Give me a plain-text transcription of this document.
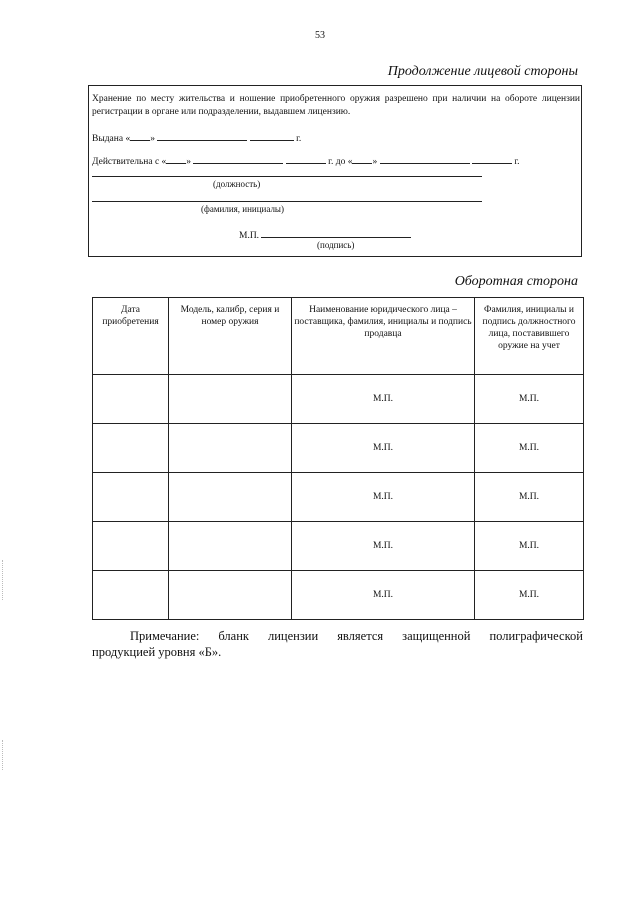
53
Продолжение лицевой стороны
Хранение по месту жительства и ношение приобретенного оружия разрешено при наличии на обороте лицензии регистрации в органе или подразделении, выдавшем лицензию.
Выдана « »	г.
Действительна с « »	г. до « »	г.
(должность)
(фамилия, инициалы)
М.П.
(подпись)
Оборотная сторона
Дата приобретения	Модель, калибр, серия и номер оружия	Наименование юридического лица – поставщика, фамилия, инициалы и подпись продавца	Фамилия, инициалы и подпись должностного лица, поставившего оружие на учет
		М.П.	М.П.
		М.П.	М.П.
		М.П.	М.П.
		М.П.	М.П.
		М.П.	М.П.
Примечание: бланк лицензии является защищенной полиграфической
продукцией уровня «Б».
